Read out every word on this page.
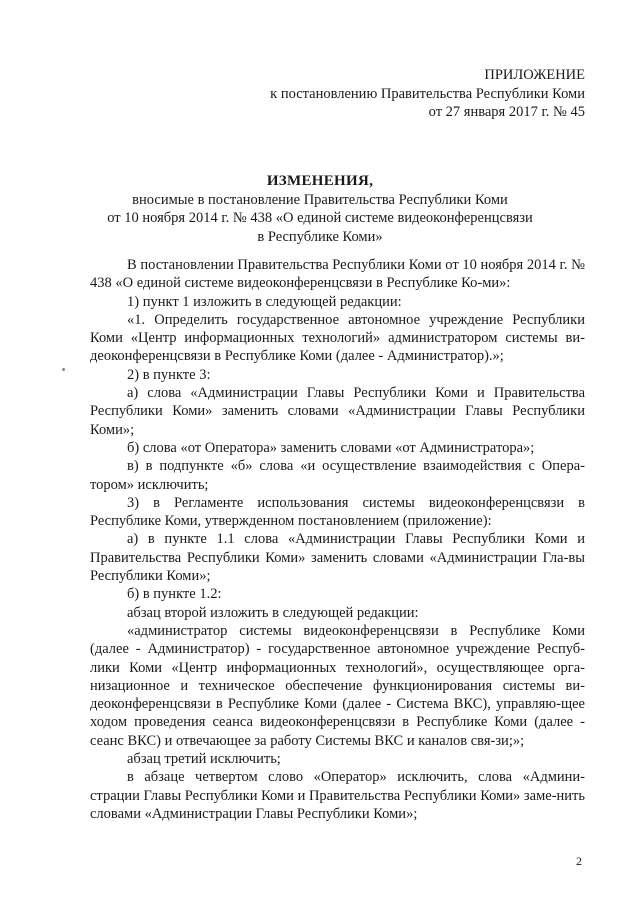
ПРИЛОЖЕНИЕ
к постановлению Правительства Республики Коми
от 27 января 2017 г. № 45
ИЗМЕНЕНИЯ,
вносимые в постановление Правительства Республики Коми
от 10 ноября 2014 г. № 438 «О единой системе видеоконференцсвязи
в Республике Коми»

В постановлении Правительства Республики Коми от 10 ноября 2014 г. № 438 «О единой системе видеоконференцсвязи в Республике Ко-ми»:

1) пункт 1 изложить в следующей редакции:

«1. Определить государственное автономное учреждение Республики Коми «Центр информационных технологий» администратором системы ви-деоконференцсвязи в Республике Коми (далее - Администратор).»;

2) в пункте 3:

а) слова «Администрации Главы Республики Коми и Правительства Республики Коми» заменить словами «Администрации Главы Республики Коми»;

б) слова «от Оператора» заменить словами «от Администратора»;

в) в подпункте «б» слова «и осуществление взаимодействия с Опера-тором» исключить;

3) в Регламенте использования системы видеоконференцсвязи в Республике Коми, утвержденном постановлением (приложение):

а) в пункте 1.1 слова «Администрации Главы Республики Коми и Правительства Республики Коми» заменить словами «Администрации Гла-вы Республики Коми»;

б) в пункте 1.2:

абзац второй изложить в следующей редакции:

«администратор системы видеоконференцсвязи в Республике Коми (далее - Администратор) - государственное автономное учреждение Респуб-лики Коми «Центр информационных технологий», осуществляющее орга-низационное и техническое обеспечение функционирования системы ви-деоконференцсвязи в Республике Коми (далее - Система ВКС), управляю-щее ходом проведения сеанса видеоконференцсвязи в Республике Коми (далее - сеанс ВКС) и отвечающее за работу Системы ВКС и каналов свя-зи;»;

абзац третий исключить;

в абзаце четвертом слово «Оператор» исключить, слова «Админи-страции Главы Республики Коми и Правительства Республики Коми» заме-нить словами «Администрации Главы Республики Коми»;

2
